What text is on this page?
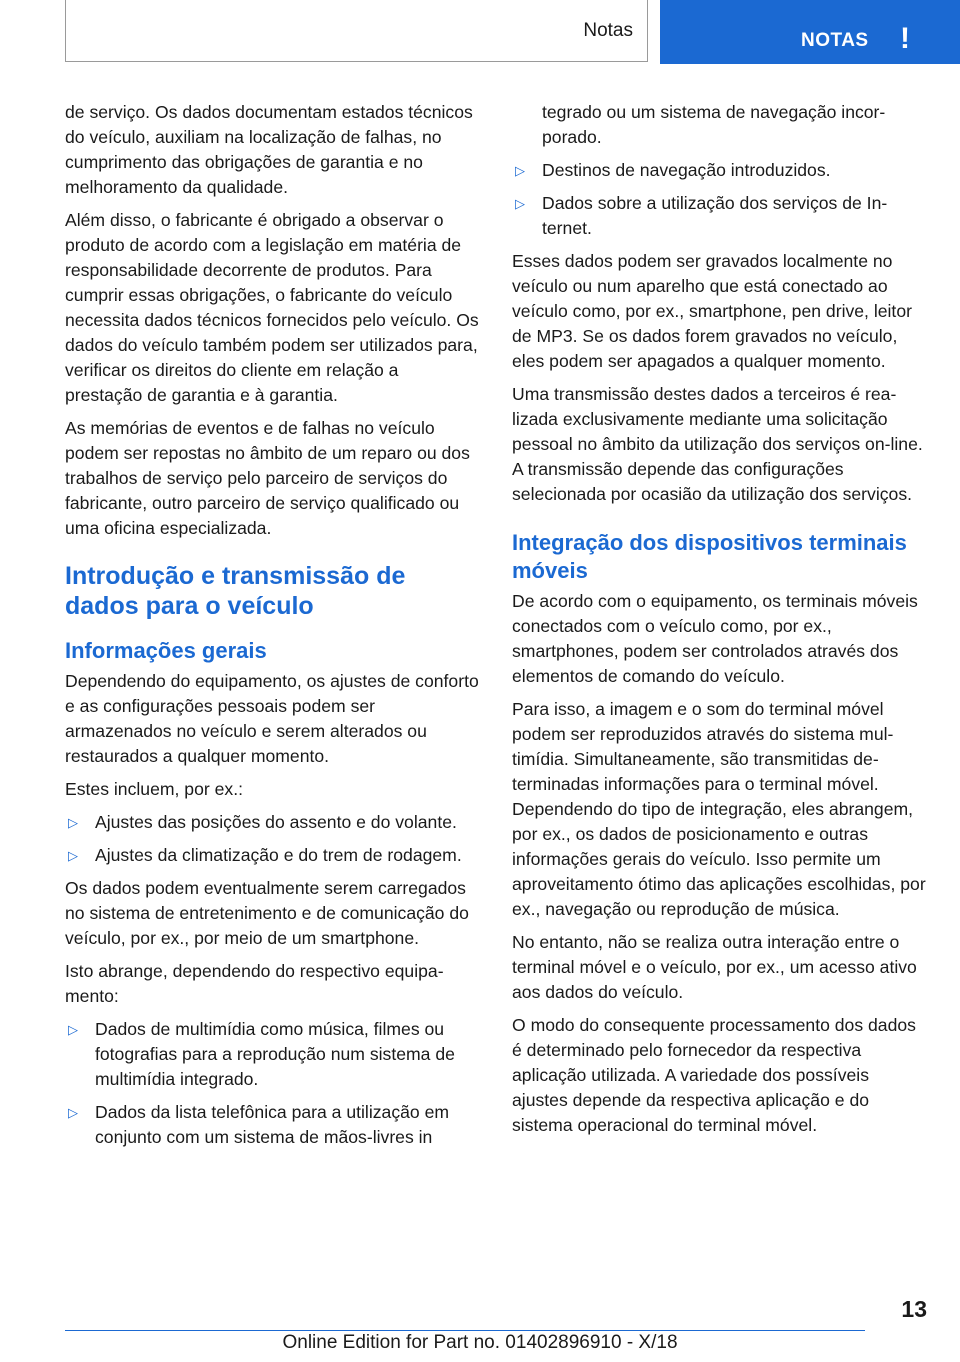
Notas	NOTAS !

de serviço. Os dados documentam estados técnicos do veículo, auxiliam na localização de falhas, no cumprimento das obrigações de garantia e no melhoramento da qualidade.

Além disso, o fabricante é obrigado a observar o produto de acordo com a legislação em matéria de responsabilidade decorrente de produtos. Para cumprir essas obrigações, o fabricante do veículo necessita dados técnicos fornecidos pelo veículo. Os dados do veículo também podem ser utilizados para, verificar os direitos do cliente em relação a prestação de garantia e à garantia.

As memórias de eventos e de falhas no veículo podem ser repostas no âmbito de um reparo ou dos trabalhos de serviço pelo parceiro de serviços do fabricante, outro parceiro de serviço qualificado ou uma oficina especializada.

Introdução e transmissão de dados para o veículo
Informações gerais

Dependendo do equipamento, os ajustes de conforto e as configurações pessoais podem ser armazenados no veículo e serem alterados ou restaurados a qualquer momento.

Estes incluem, por ex.:

▷ Ajustes das posições do assento e do volante.
▷ Ajustes da climatização e do trem de rodagem.

Os dados podem eventualmente serem carregados no sistema de entretenimento e de comunicação do veículo, por ex., por meio de um smartphone.

Isto abrange, dependendo do respectivo equipamento:

▷ Dados de multimídia como música, filmes ou fotografias para a reprodução num sistema de multimídia integrado.
▷ Dados da lista telefônica para a utilização em conjunto com um sistema de mãos-livres in
tegrado ou um sistema de navegação incorporado.
▷ Destinos de navegação introduzidos.
▷ Dados sobre a utilização dos serviços de Internet.

Esses dados podem ser gravados localmente no veículo ou num aparelho que está conectado ao veículo como, por ex., smartphone, pen drive, leitor de MP3. Se os dados forem gravados no veículo, eles podem ser apagados a qualquer momento.

Uma transmissão destes dados a terceiros é realizada exclusivamente mediante uma solicitação pessoal no âmbito da utilização dos serviços on-line. A transmissão depende das configurações selecionada por ocasião da utilização dos serviços.

Integração dos dispositivos terminais móveis

De acordo com o equipamento, os terminais móveis conectados com o veículo como, por ex., smartphones, podem ser controlados através dos elementos de comando do veículo.

Para isso, a imagem e o som do terminal móvel podem ser reproduzidos através do sistema multimídia. Simultaneamente, são transmitidas determinadas informações para o terminal móvel. Dependendo do tipo de integração, eles abrangem, por ex., os dados de posicionamento e outras informações gerais do veículo. Isso permite um aproveitamento ótimo das aplicações escolhidas, por ex., navegação ou reprodução de música.

No entanto, não se realiza outra interação entre o terminal móvel e o veículo, por ex., um acesso ativo aos dados do veículo.

O modo do consequente processamento dos dados é determinado pelo fornecedor da respectiva aplicação utilizada. A variedade dos possíveis ajustes depende da respectiva aplicação e do sistema operacional do terminal móvel.

13
Online Edition for Part no. 01402896910 - X/18
